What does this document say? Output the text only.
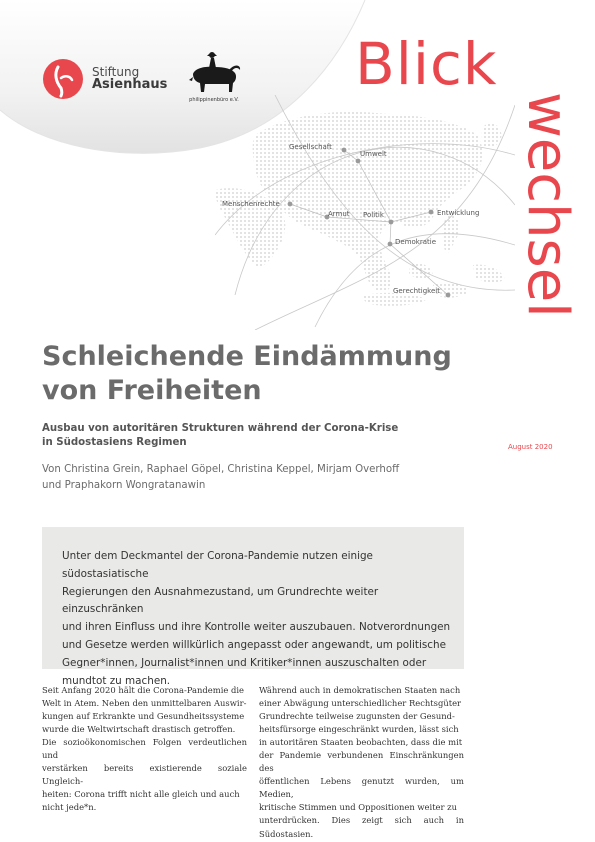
Stiftung
Asienhaus
philippinenbüro e.V.
Gesellschaft
Umwelt
Menschenrechte
Armut Politik	Entwicklung
Demokratie
Gerechtigkeit
Blick
wechsel
August 2020
Schleichende Eindämmung
von Freiheiten

Ausbau von autoritären Strukturen während der Corona-Krise
in Südostasiens Regimen

Von Christina Grein, Raphael Göpel, Christina Keppel, Mirjam Overhoff
und Praphakorn Wongratanawin

Unter dem Deckmantel der Corona-Pandemie nutzen einige südostasiatische
Regierungen den Ausnahmezustand, um Grundrechte weiter einzuschränken
und ihren Einfluss und ihre Kontrolle weiter auszubauen. Notverordnungen
und Gesetze werden willkürlich angepasst oder angewandt, um politische
Gegner*innen, Journalist*innen und Kritiker*innen auszuschalten oder
mundtot zu machen.

Seit Anfang 2020 hält die Corona-Pandemie die
Welt in Atem. Neben den unmittelbaren Auswir-
kungen auf Erkrankte und Gesundheitssysteme
wurde die Weltwirtschaft drastisch getroffen.
Die sozioökonomischen Folgen verdeutlichen und
verstärken bereits existierende soziale Ungleich-
heiten: Corona trifft nicht alle gleich und auch
nicht jede*n.
Während auch in demokratischen Staaten nach
einer Abwägung unterschiedlicher Rechtsgüter
Grundrechte teilweise zugunsten der Gesund-
heitsfürsorge eingeschränkt wurden, lässt sich
in autoritären Staaten beobachten, dass die mit
der Pandemie verbundenen Einschränkungen des
öffentlichen Lebens genutzt wurden, um Medien,
kritische Stimmen und Oppositionen weiter zu
unterdrücken. Dies zeigt sich auch in Südostasien.
